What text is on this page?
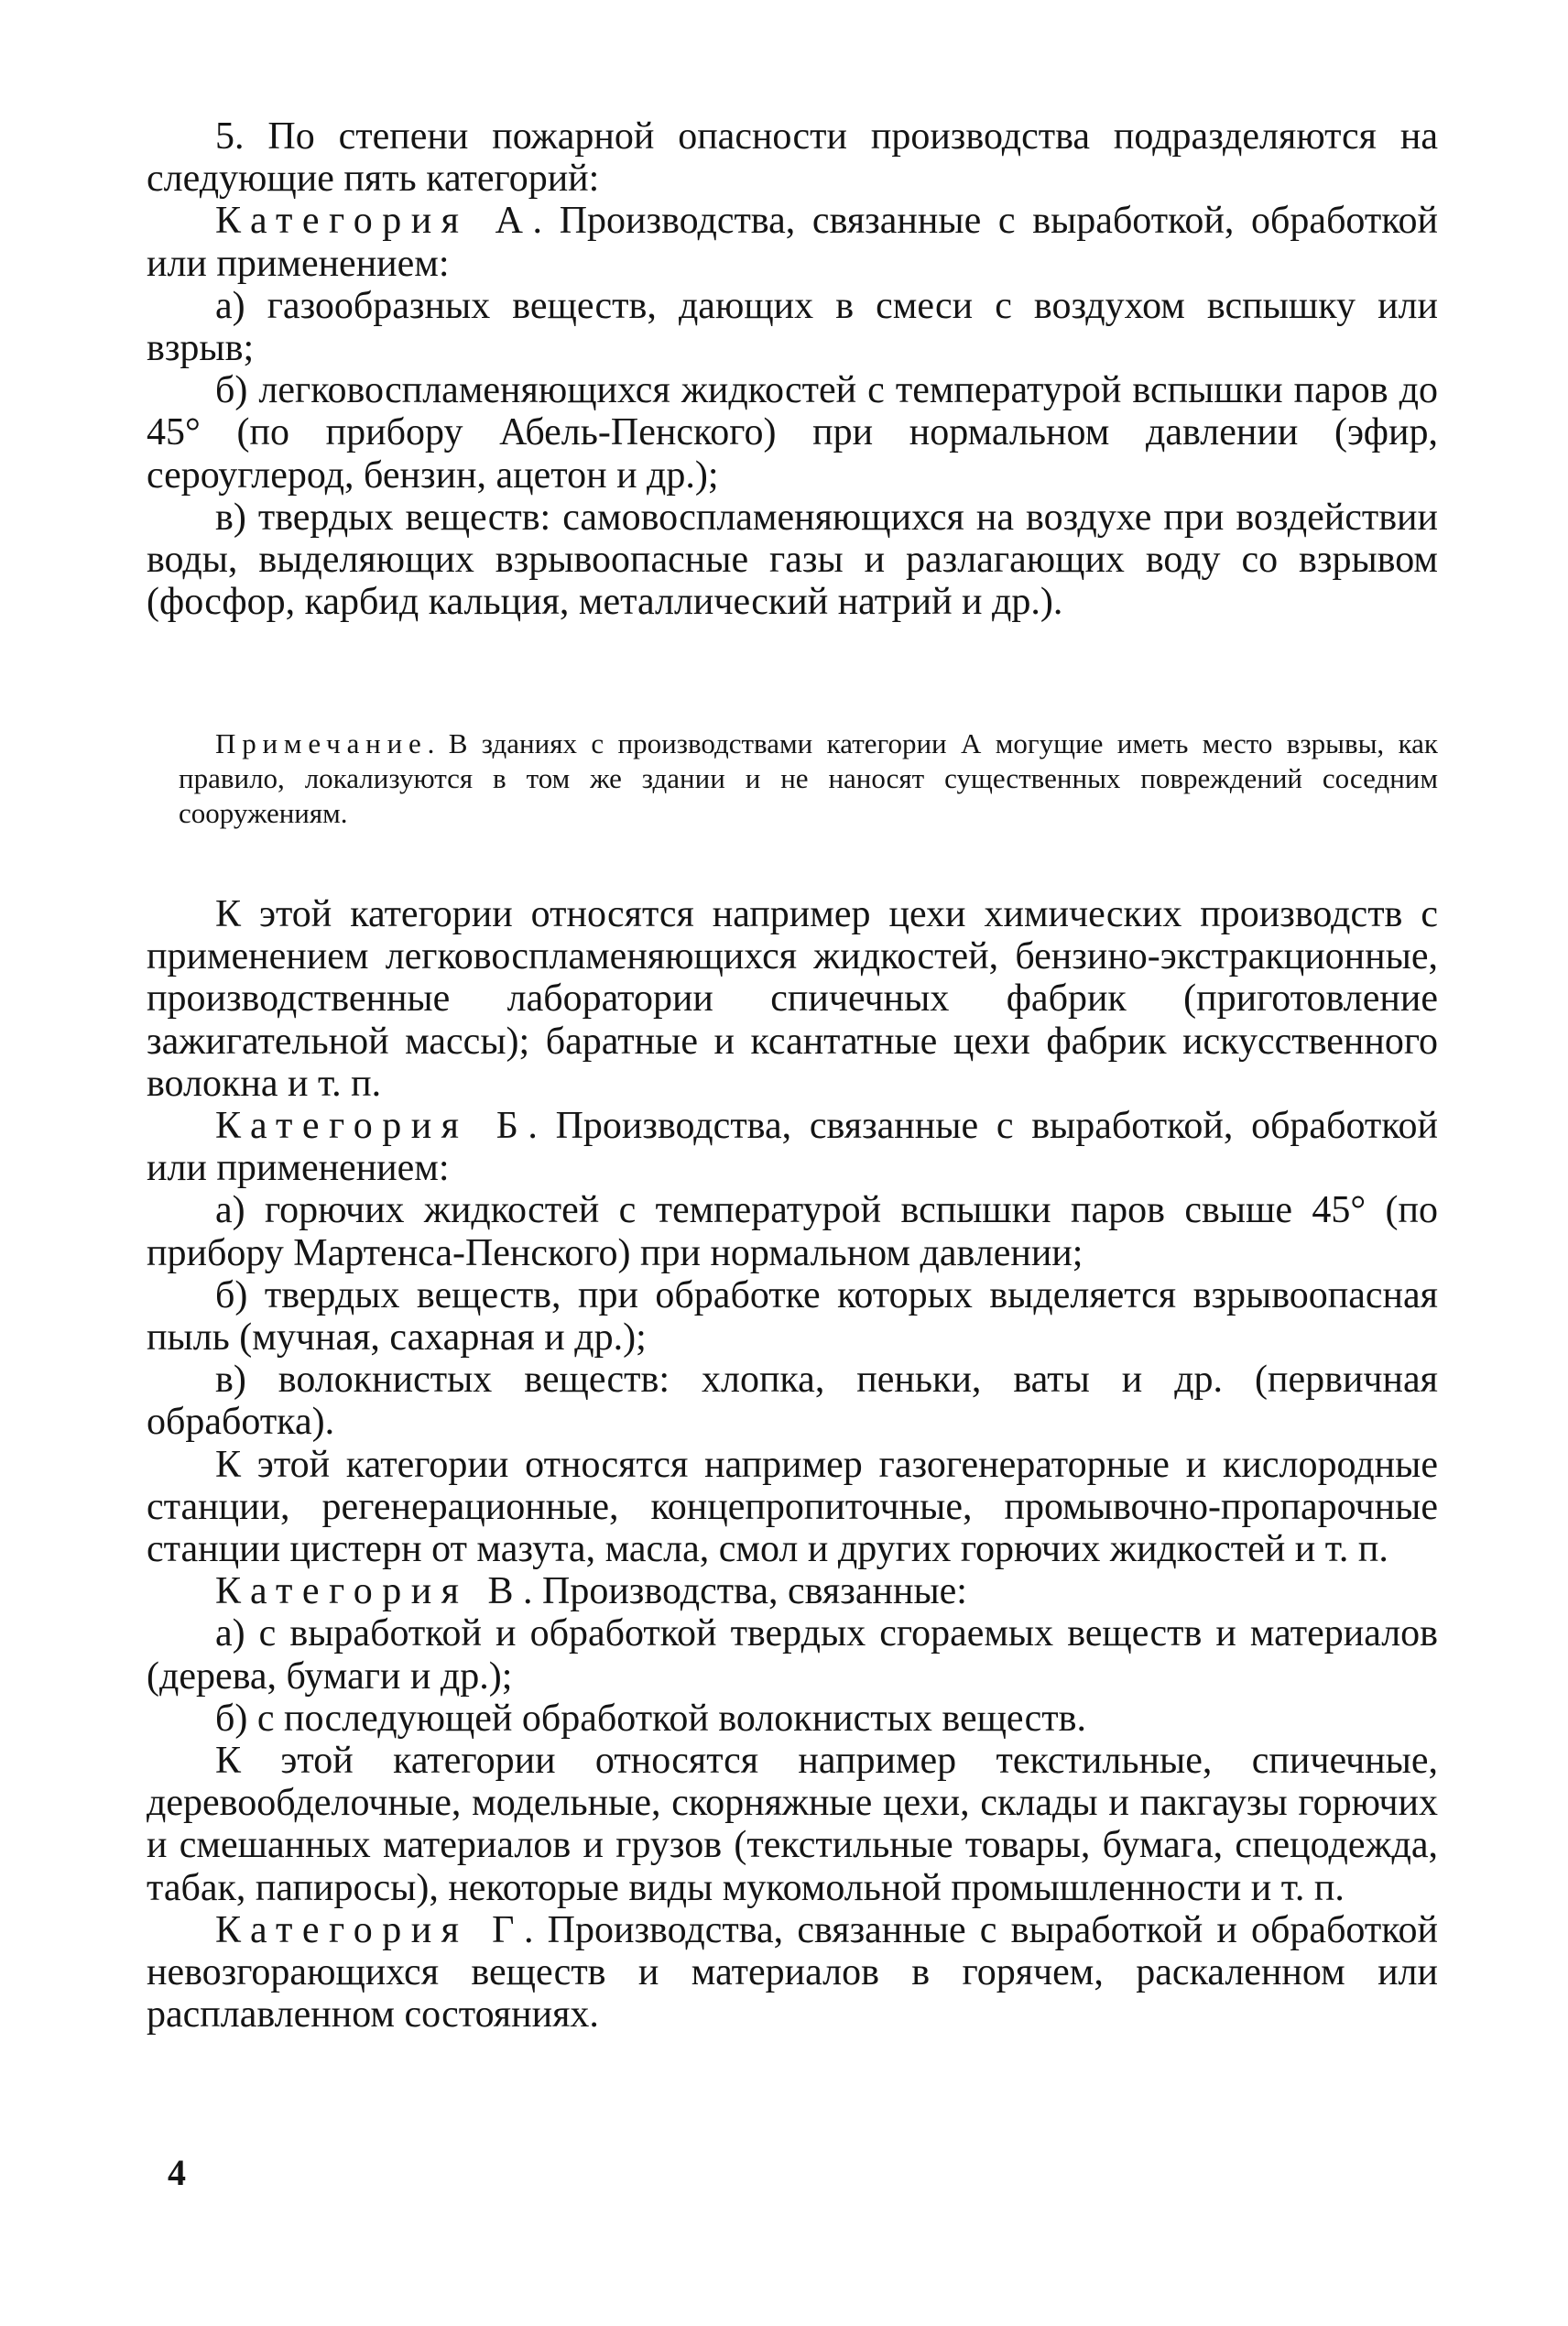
5. По степени пожарной опасности производства подразделяются на следующие пять категорий:

Категория А. Производства, связанные с выработкой, обработкой или применением:

а) газообразных веществ, дающих в смеси с воздухом вспышку или взрыв;

б) легковоспламеняющихся жидкостей с температурой вспышки паров до 45° (по прибору Абель-Пенского) при нормальном давлении (эфир, сероуглерод, бензин, ацетон и др.);

в) твердых веществ: самовоспламеняющихся на воздухе при воздействии воды, выделяющих взрывоопасные газы и разлагающих воду со взрывом (фосфор, карбид кальция, металлический натрий и др.).

Примечание. В зданиях с производствами категории А могущие иметь место взрывы, как правило, локализуются в том же здании и не наносят существенных повреждений соседним сооружениям.

К этой категории относятся например цехи химических производств с применением легковоспламеняющихся жидкостей, бензино-экстракционные, производственные лаборатории спичечных фабрик (приготовление зажигательной массы); баратные и ксантатные цехи фабрик искусственного волокна и т. п.

Категория Б. Производства, связанные с выработкой, обработкой или применением:

а) горючих жидкостей с температурой вспышки паров свыше 45° (по прибору Мартенса-Пенского) при нормальном давлении;

б) твердых веществ, при обработке которых выделяется взрывоопасная пыль (мучная, сахарная и др.);

в) волокнистых веществ: хлопка, пеньки, ваты и др. (первичная обработка).

К этой категории относятся например газогенераторные и кислородные станции, регенерационные, концепропиточные, промывочно-пропарочные станции цистерн от мазута, масла, смол и других горючих жидкостей и т. п.

Категория В. Производства, связанные:

а) с выработкой и обработкой твердых сгораемых веществ и материалов (дерева, бумаги и др.);

б) с последующей обработкой волокнистых веществ.

К этой категории относятся например текстильные, спичечные, деревообделочные, модельные, скорняжные цехи, склады и пакгаузы горючих и смешанных материалов и грузов (текстильные товары, бумага, спецодежда, табак, папиросы), некоторые виды мукомольной промышленности и т. п.

Категория Г. Производства, связанные с выработкой и обработкой невозгорающихся веществ и материалов в горячем, раскаленном или расплавленном состояниях.

4
